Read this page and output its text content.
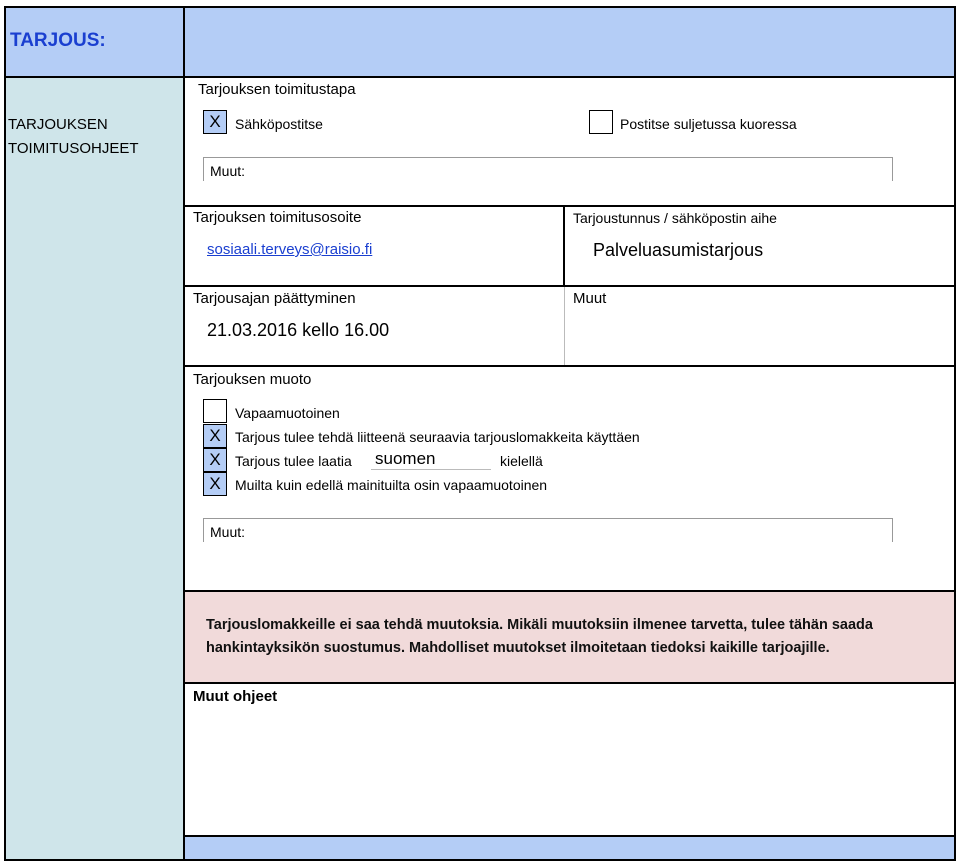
TARJOUS:
TARJOUKSEN
TOIMITUSOHJEET
Tarjouksen toimitustapa
X	Sähköpostitse	Postitse suljetussa kuoressa
Muut:
Tarjouksen toimitusosoite
sosiaali.terveys@raisio.fi
Tarjoustunnus / sähköpostin aihe
Palveluasumistarjous
Tarjousajan päättyminen
21.03.2016 kello 16.00
Muut
Tarjouksen muoto
Vapaamuotoinen
X	Tarjous tulee tehdä liitteenä seuraavia tarjouslomakkeita käyttäen
X	Tarjous tulee laatia suomen	kielellä
X	Muilta kuin edellä mainituilta osin vapaamuotoinen
Muut:
Tarjouslomakkeille ei saa tehdä muutoksia. Mikäli muutoksiin ilmenee tarvetta, tulee tähän saada
hankintayksikön suostumus. Mahdolliset muutokset ilmoitetaan tiedoksi kaikille tarjoajille.
Muut ohjeet
